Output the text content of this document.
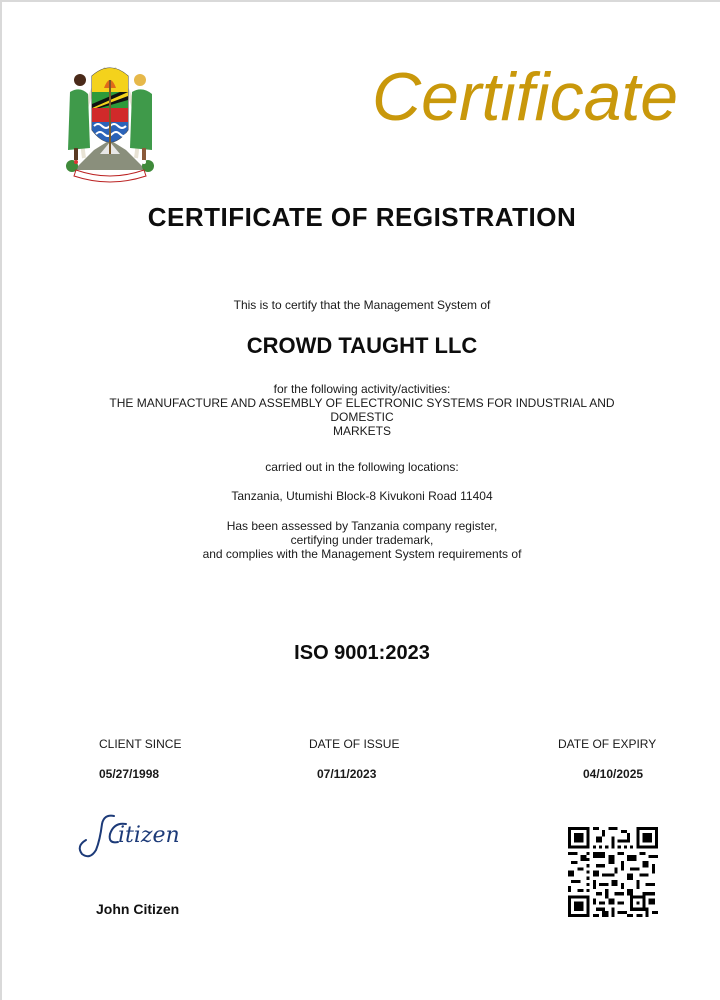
Certificate
CERTIFICATE OF REGISTRATION
This is to certify that the Management System of
CROWD TAUGHT LLC
for the following activity/activities:
THE MANUFACTURE AND ASSEMBLY OF ELECTRONIC SYSTEMS FOR INDUSTRIAL AND
DOMESTIC
MARKETS
carried out in the following locations:
Tanzania, Utumishi Block-8 Kivukoni Road 11404
Has been assessed by Tanzania company register,
certifying under trademark,
and complies with the Management System requirements of
ISO 9001:2023
CLIENT SINCE
05/27/1998
DATE OF ISSUE
07/11/2023
DATE OF EXPIRY
04/10/2025
itizen
John Citizen
